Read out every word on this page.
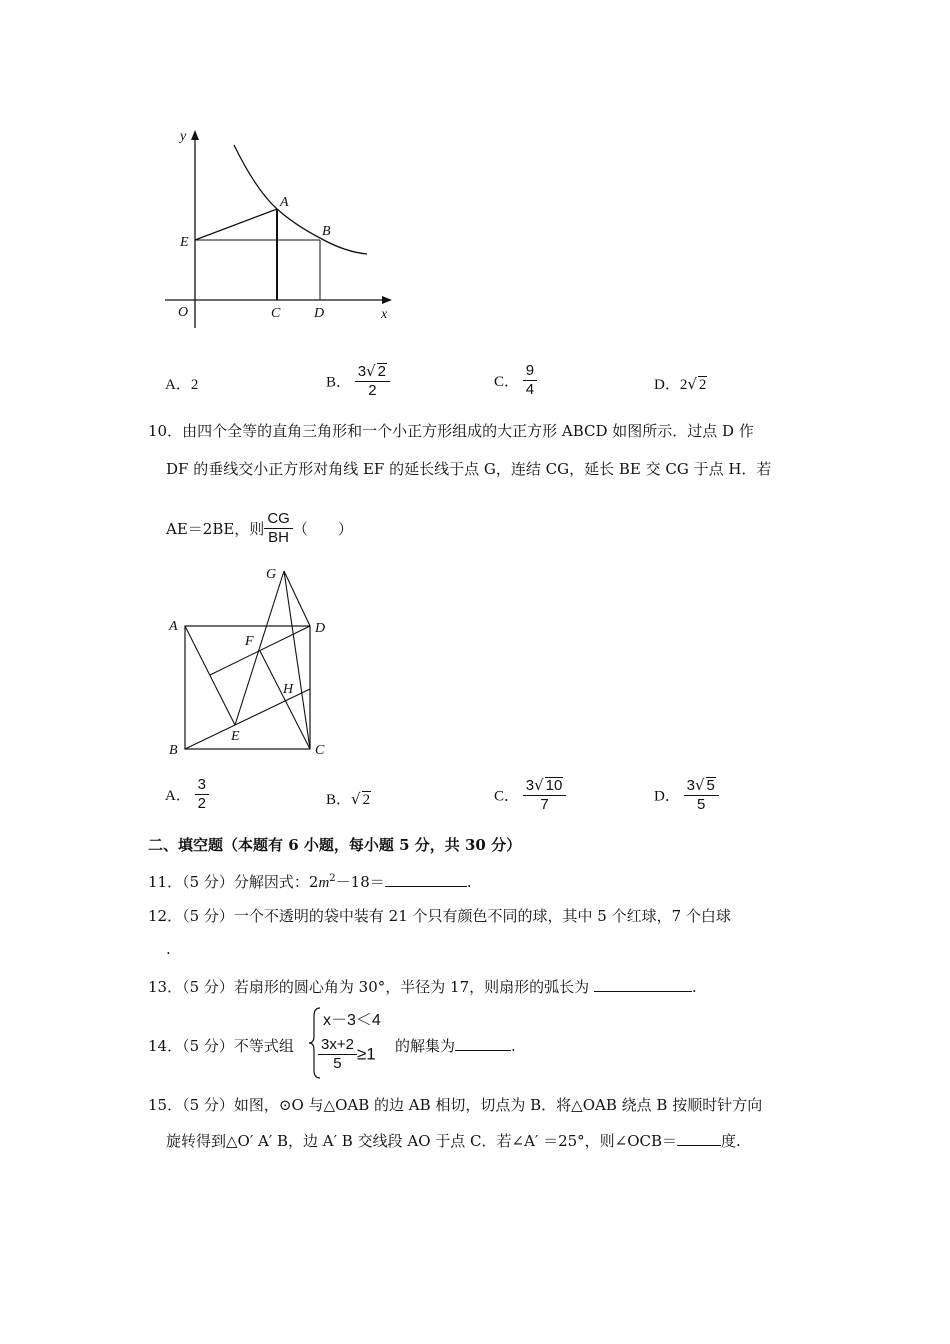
y
x
O
A
B
C D
E
A．2	B． $\frac{3√ 2}{2}$	C． $\frac{9}{4}$	D．2√ 2
10．由四个全等的直角三角形和一个小正方形组成的大正方形 ABCD 如图所示．过点 D 作
DF 的垂线交小正方形对角线 EF 的延长线于点 G，连结 CG，延长 BE 交 CG 于点 H．若
AE＝2BE，则 $\frac{CG}{BH}$ （　　）
G
A	D
F
H
B
E
C
A． $\frac{3}{2}$	B．√ 2	C． $\frac{3√ 10}{7}$	D． $\frac{3√ 5}{5}$
二、填空题（本题有 6 小题，每小题 5 分，共 30 分）
11．（5 分）分解因式：$2m^2-18=$	.
12．（5 分）一个不透明的袋中装有 21 个只有颜色不同的球，其中 5 个红球，7 个白球
.
13．（5 分）若扇形的圆心角为 30°，半径为 17，则扇形的弧长为	.
14．（5 分）不等式组
x－3＜4
$\frac{3x+2}{5} \ge 1$ 的解集为	.
15．（5 分）如图，⊙O 与△OAB 的边 AB 相切，切点为 B．将△OAB 绕点 B 按顺时针方向
旋转得到△O′ A′ B，边 A′ B 交线段 AO 于点 C．若∠A′ ＝25°，则∠OCB＝	度.
